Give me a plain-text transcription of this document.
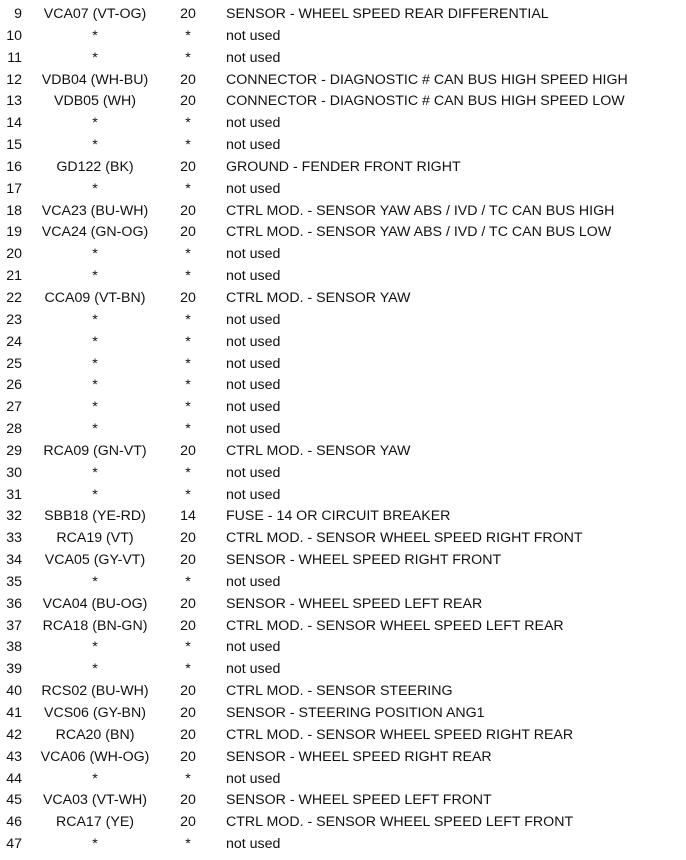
9	VCA07 (VT-OG)	20 SENSOR - WHEEL SPEED REAR DIFFERENTIAL
10	*	*	not used
11	*	*	not used
12	VDB04 (WH-BU)	20 CONNECTOR - DIAGNOSTIC # CAN BUS HIGH SPEED HIGH
13	VDB05 (WH)	20 CONNECTOR - DIAGNOSTIC # CAN BUS HIGH SPEED LOW
14	*	*	not used
15	*	*	not used
16	GD122 (BK)	20 GROUND - FENDER FRONT RIGHT
17	*	*	not used
18	VCA23 (BU-WH)	20 CTRL MOD. - SENSOR YAW ABS / IVD / TC CAN BUS HIGH
19	VCA24 (GN-OG)	20 CTRL MOD. - SENSOR YAW ABS / IVD / TC CAN BUS LOW
20	*	*	not used
21	*	*	not used
22	CCA09 (VT-BN)	20 CTRL MOD. - SENSOR YAW
23	*	*	not used
24	*	*	not used
25	*	*	not used
26	*	*	not used
27	*	*	not used
28	*	*	not used
29	RCA09 (GN-VT)	20 CTRL MOD. - SENSOR YAW
30	*	*	not used
31	*	*	not used
32	SBB18 (YE-RD)	14 FUSE - 14 OR CIRCUIT BREAKER
33	RCA19 (VT)	20 CTRL MOD. - SENSOR WHEEL SPEED RIGHT FRONT
34	VCA05 (GY-VT)	20 SENSOR - WHEEL SPEED RIGHT FRONT
35	*	*	not used
36	VCA04 (BU-OG)	20 SENSOR - WHEEL SPEED LEFT REAR
37	RCA18 (BN-GN)	20 CTRL MOD. - SENSOR WHEEL SPEED LEFT REAR
38	*	*	not used
39	*	*	not used
40	RCS02 (BU-WH)	20 CTRL MOD. - SENSOR STEERING
41	VCS06 (GY-BN)	20 SENSOR - STEERING POSITION ANG1
42	RCA20 (BN)	20 CTRL MOD. - SENSOR WHEEL SPEED RIGHT REAR
43	VCA06 (WH-OG)	20 SENSOR - WHEEL SPEED RIGHT REAR
44	*	*	not used
45	VCA03 (VT-WH)	20 SENSOR - WHEEL SPEED LEFT FRONT
46	RCA17 (YE)	20 CTRL MOD. - SENSOR WHEEL SPEED LEFT FRONT
47	*	*	not used
